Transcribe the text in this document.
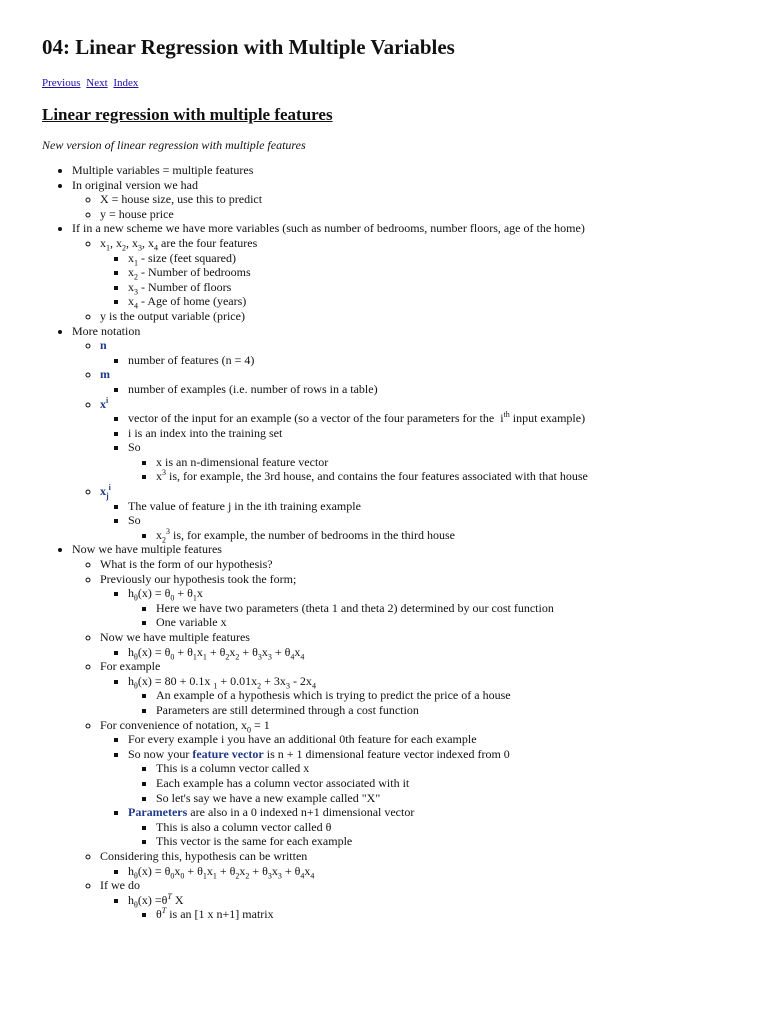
04: Linear Regression with Multiple Variables
Previous Next Index
Linear regression with multiple features
New version of linear regression with multiple features
• Multiple variables = multiple features
• In original version we had
◦ X = house size, use this to predict
◦ y = house price
• If in a new scheme we have more variables (such as number of bedrooms, number floors, age of the home)
◦ $x_1$, $x_2$, $x_3$, $x_4$ are the four features
▪ $x_1$ - size (feet squared)
▪ $x_2$ - Number of bedrooms
▪ $x_3$ - Number of floors
▪ $x_4$ - Age of home (years)
◦ y is the output variable (price)
• More notation
◦ n
▪ number of features (n = 4)
◦ m
▪ number of examples (i.e. number of rows in a table)
◦ $x^i$
▪ vector of the input for an example (so a vector of the four parameters for the  $i^{th}$ input example)
▪ i is an index into the training set
▪ So
▪ x is an n-dimensional feature vector
▪ $x^3$ is, for example, the 3rd house, and contains the four features associated with that house
◦ $x_j^i$
▪ The value of feature j in the ith training example
▪ So
▪ $x_2^3$ is, for example, the number of bedrooms in the third house
• Now we have multiple features
◦ What is the form of our hypothesis?
◦ Previously our hypothesis took the form;
▪ $h_\theta(x) = \theta_0 + \theta_1x$
▪ Here we have two parameters (theta 1 and theta 2) determined by our cost function
▪ One variable x
◦ Now we have multiple features
▪ $h_\theta(x) = \theta_0 + \theta_1x_1 + \theta_2x_2 + \theta_3x_3 + \theta_4x_4$
◦ For example
▪ $h_\theta(x) = 80 + 0.1x$ $_1 + 0.01x_2 + 3x_3 - 2x_4$
▪ An example of a hypothesis which is trying to predict the price of a house
▪ Parameters are still determined through a cost function
◦ For convenience of notation, $x_0 = 1$
▪ For every example i you have an additional 0th feature for each example
▪ So now your feature vector is n + 1 dimensional feature vector indexed from 0
▪ This is a column vector called x
▪ Each example has a column vector associated with it
▪ So let's say we have a new example called "X"
▪ Parameters are also in a 0 indexed n+1 dimensional vector
▪ This is also a column vector called θ
▪ This vector is the same for each example
◦ Considering this, hypothesis can be written
▪ $h_\theta(x) = \theta_0x_0 + \theta_1x_1 + \theta_2x_2 + \theta_3x_3 + \theta_4x_4$
◦ If we do
▪ $h_\theta(x) =\theta^T$ X
▪ $\theta^T$ is an [1 x n+1] matrix
